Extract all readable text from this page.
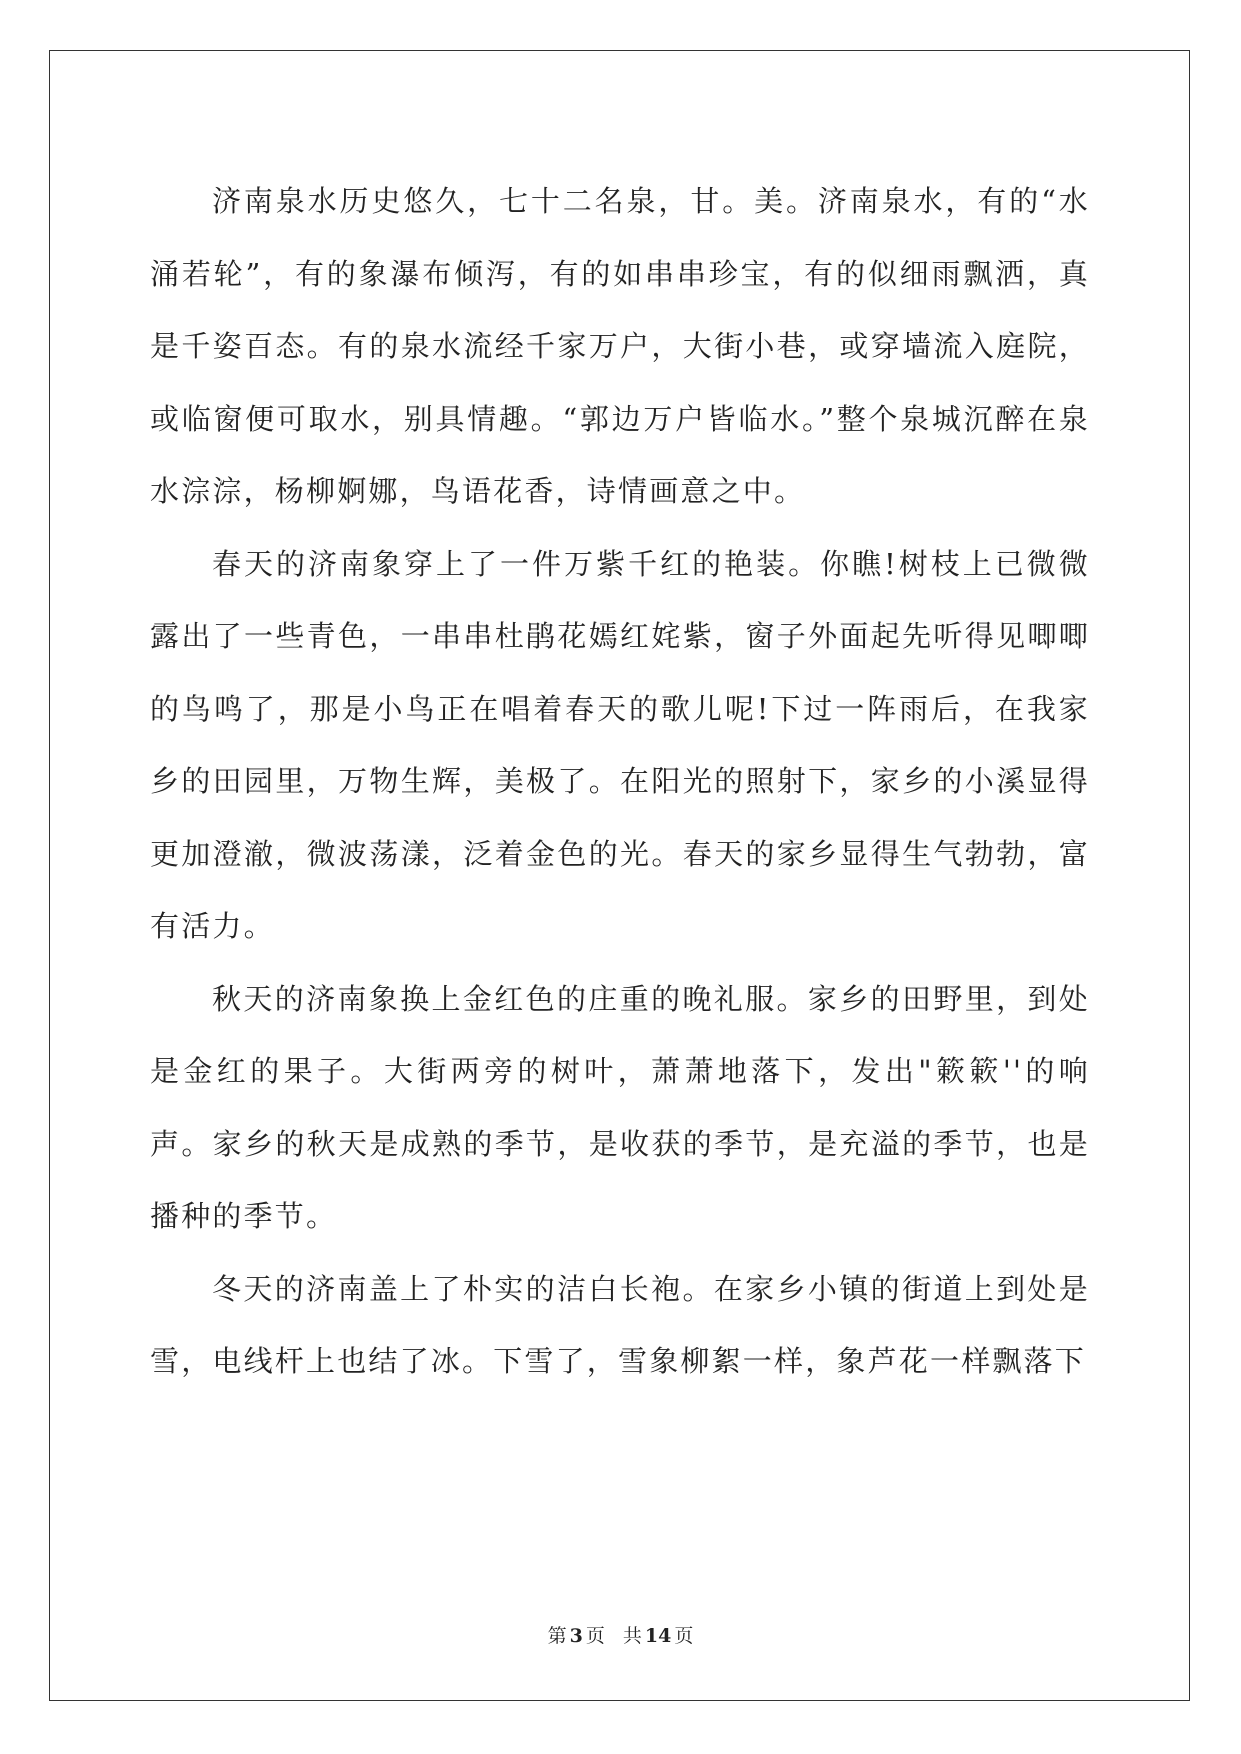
济南泉水历史悠久，七十二名泉，甘。美。济南泉水，有的“水涌若轮”，有的象瀑布倾泻，有的如串串珍宝，有的似细雨飘洒，真是千姿百态。有的泉水流经千家万户，大街小巷，或穿墙流入庭院，或临窗便可取水，别具情趣。“郭边万户皆临水。”整个泉城沉醉在泉水淙淙，杨柳婀娜，鸟语花香，诗情画意之中。

春天的济南象穿上了一件万紫千红的艳装。你瞧!树枝上已微微露出了一些青色，一串串杜鹃花嫣红姹紫，窗子外面起先听得见唧唧的鸟鸣了，那是小鸟正在唱着春天的歌儿呢!下过一阵雨后，在我家乡的田园里，万物生辉，美极了。在阳光的照射下，家乡的小溪显得更加澄澈，微波荡漾，泛着金色的光。春天的家乡显得生气勃勃，富有活力。

秋天的济南象换上金红色的庄重的晚礼服。家乡的田野里，到处是金红的果子。大街两旁的树叶，萧萧地落下，发出"簌簌''的响声。家乡的秋天是成熟的季节，是收获的季节，是充溢的季节，也是播种的季节。

冬天的济南盖上了朴实的洁白长袍。在家乡小镇的街道上到处是雪，电线杆上也结了冰。下雪了，雪象柳絮一样，象芦花一样飘落下

第 3 页 共 14 页
